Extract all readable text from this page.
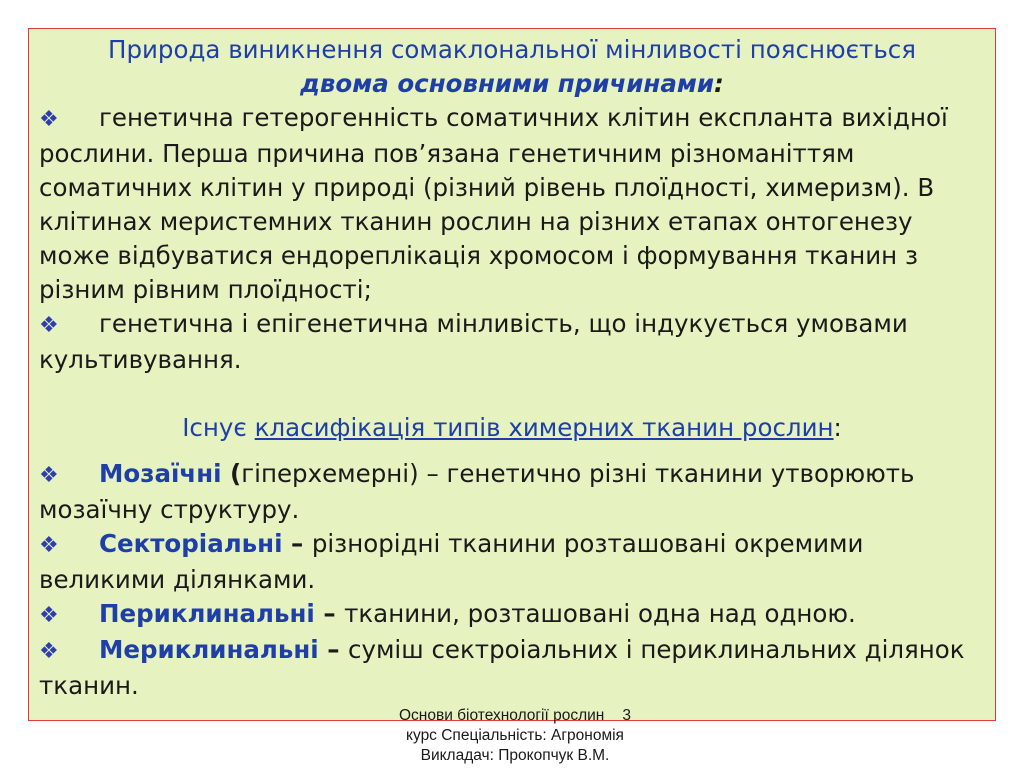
Природа виникнення сомаклональної мінливості пояснюється
двома основними причинами:

❖ генетична гетерогенність соматичних клітин експланта вихідної рослини. Перша причина пов’язана генетичним різноманіттям соматичних клітин у природі (різний рівень плоїдності, химеризм). В клітинах меристемних тканин рослин на різних етапах онтогенезу може відбуватися ендореплікація хромосом і формування тканин з різним рівним плоїдності;

❖ генетична і епігенетична мінливість, що індукується умовами культивування.

Існує класифікація типів химерних тканин рослин:

❖ Мозаїчні (гіперхемерні) – генетично різні тканини утворюють мозаїчну структуру.

❖ Секторіальні – різнорідні тканини розташовані окремими великими ділянками.

❖ Периклинальні – тканини, розташовані одна над одною.

❖ Мериклинальні – суміш сектроіальних і периклинальних ділянок тканин.

Основи біотехнології рослин 3
курс Спеціальність: Агрономія
Викладач: Прокопчук В.М.
